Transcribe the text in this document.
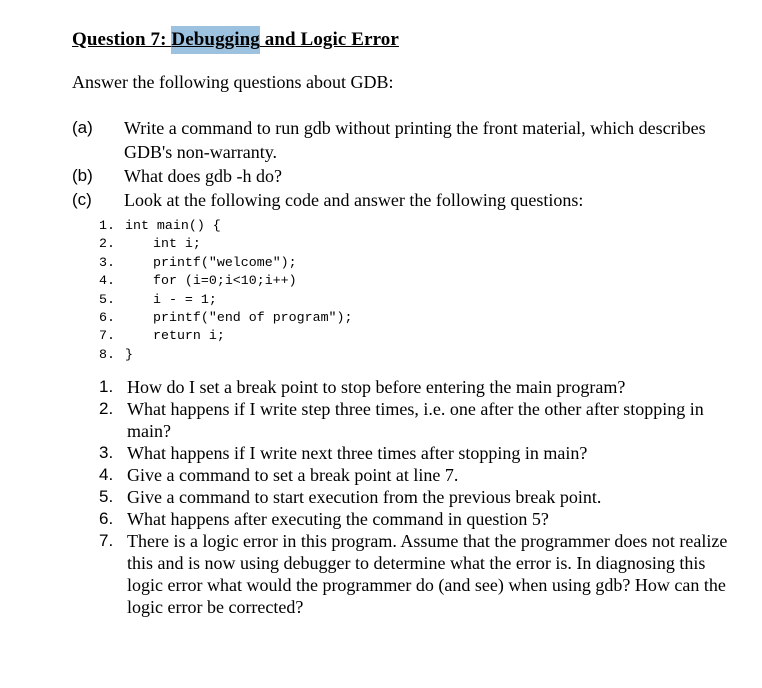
Question 7: Debugging and Logic Error
Answer the following questions about GDB:
(a) Write a command to run gdb without printing the front material, which describes GDB's non-warranty.
(b) What does gdb -h do?
(c) Look at the following code and answer the following questions:
1. int main() {
2.	int i;
3.	printf("welcome");
4.	for (i=0;i<10;i++)
5.	i - = 1;
6.	printf("end of program");
7.	return i;
8. }
1. How do I set a break point to stop before entering the main program?
2. What happens if I write step three times, i.e. one after the other after stopping in main?
3. What happens if I write next three times after stopping in main?
4. Give a command to set a break point at line 7.
5. Give a command to start execution from the previous break point.
6. What happens after executing the command in question 5?
7. There is a logic error in this program. Assume that the programmer does not realize this and is now using debugger to determine what the error is. In diagnosing this logic error what would the programmer do (and see) when using gdb? How can the logic error be corrected?
